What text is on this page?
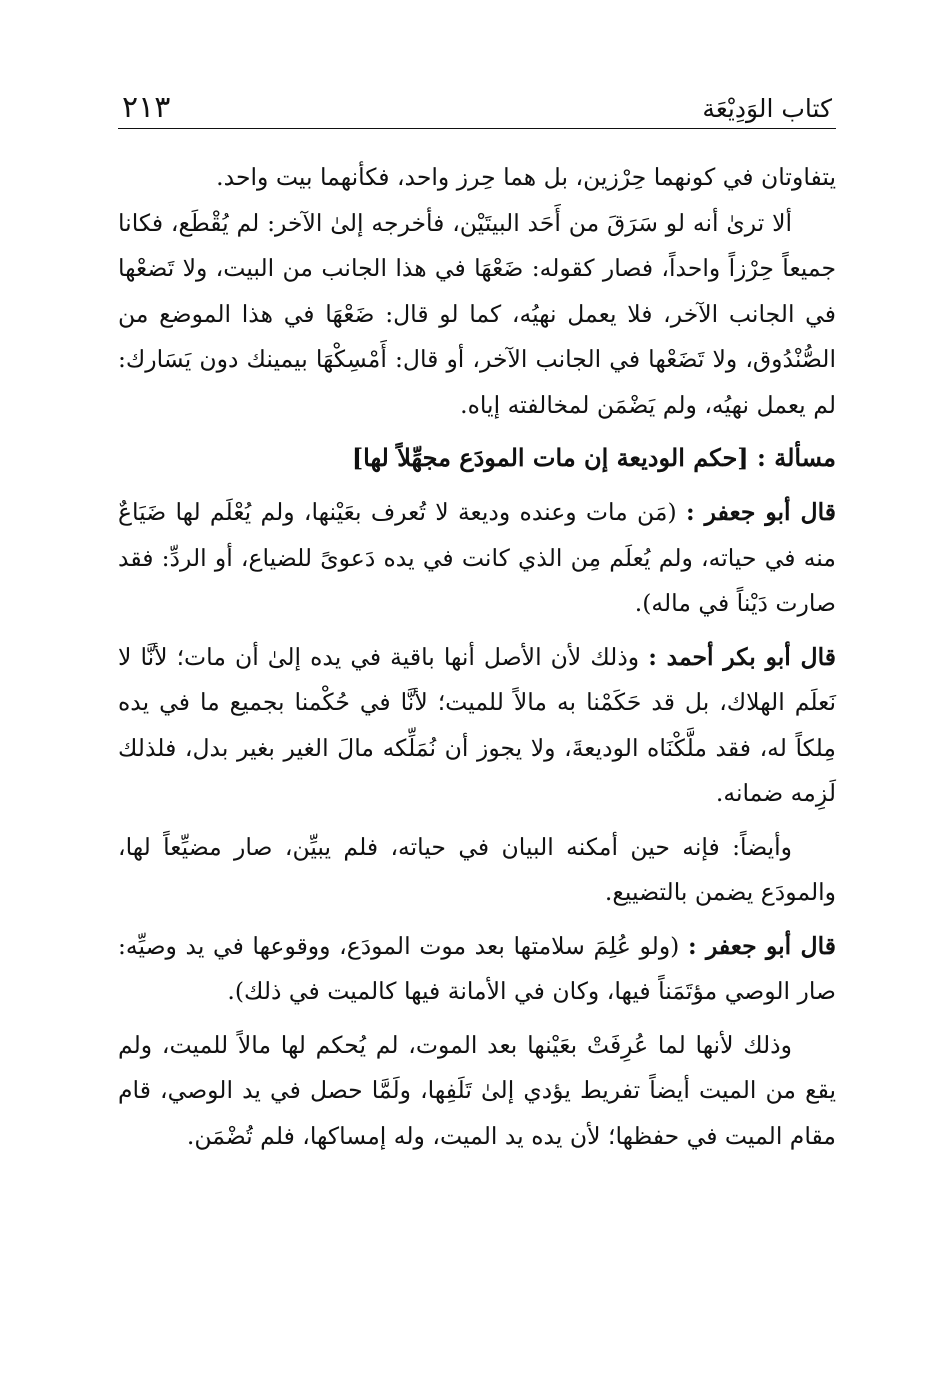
كتاب الوَدِيْعَة
٢١٣

يتفاوتان في كونهما حِرْزين، بل هما حِرز واحد، فكأنهما بيت واحد.

ألا ترىٰ أنه لو سَرَقَ من أَحَد البيتَيْن، فأخرجه إلىٰ الآخر: لم يُقْطَع، فكانا جميعاً حِرْزاً واحداً، فصار كقوله: ضَعْهَا في هذا الجانب من البيت، ولا تَضعْها في الجانب الآخر، فلا يعمل نهيُه، كما لو قال: ضَعْهَا في هذا الموضع من الصُّنْدُوق، ولا تَضَعْها في الجانب الآخر، أو قال: أَمْسِكْهَا بيمينك دون يَسَارك: لم يعمل نهيُه، ولم يَضْمَن لمخالفته إياه.

مسألة : [حكم الوديعة إن مات المودَع مجهِّلاً لها]

قال أبو جعفر : (مَن مات وعنده وديعة لا تُعرف بعَيْنها، ولم يُعْلَم لها ضَيَاعٌ منه في حياته، ولم يُعلَم مِن الذي كانت في يده دَعوىً للضياع، أو الردِّ: فقد صارت دَيْناً في ماله).

قال أبو بكر أحمد : وذلك لأن الأصل أنها باقية في يده إلىٰ أن مات؛ لأنَّا لا نَعلَم الهلاك، بل قد حَكَمْنا به مالاً للميت؛ لأنَّا في حُكْمنا بجميع ما في يده مِلكاً له، فقد ملَّكْنَاه الوديعةَ، ولا يجوز أن نُمَلِّكه مالَ الغير بغير بدل، فلذلك لَزِمه ضمانه.

وأيضاً: فإنه حين أمكنه البيان في حياته، فلم يبيِّن، صار مضيِّعاً لها، والمودَع يضمن بالتضييع.

قال أبو جعفر : (ولو عُلِمَ سلامتها بعد موت المودَع، ووقوعها في يد وصيِّه: صار الوصي مؤتَمَناً فيها، وكان في الأمانة فيها كالميت في ذلك).

وذلك لأنها لما عُرِفَتْ بعَيْنها بعد الموت، لم يُحكم لها مالاً للميت، ولم يقع من الميت أيضاً تفريط يؤدي إلىٰ تَلَفِها، ولَمَّا حصل في يد الوصي، قام مقام الميت في حفظها؛ لأن يده يد الميت، وله إمساكها، فلم تُضْمَن.
